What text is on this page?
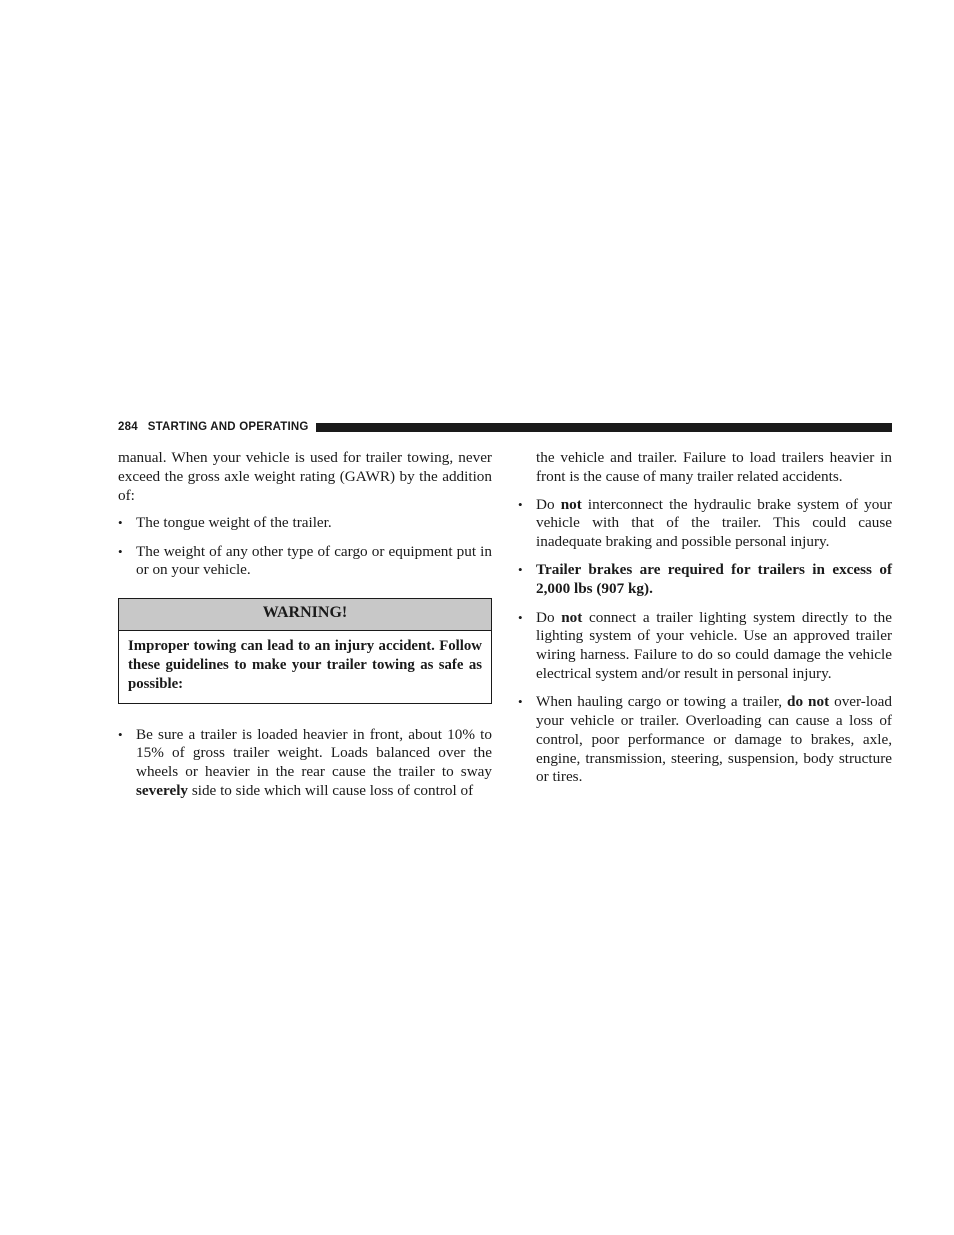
284 STARTING AND OPERATING

manual. When your vehicle is used for trailer towing, never exceed the gross axle weight rating (GAWR) by the addition of:

• The tongue weight of the trailer.
• The weight of any other type of cargo or equipment put in or on your vehicle.
WARNING!
Improper towing can lead to an injury accident. Follow these guidelines to make your trailer towing as safe as possible:
• Be sure a trailer is loaded heavier in front, about 10% to 15% of gross trailer weight. Loads balanced over the wheels or heavier in the rear cause the trailer to sway severely side to side which will cause loss of control of

the vehicle and trailer. Failure to load trailers heavier in front is the cause of many trailer related accidents.

• Do not interconnect the hydraulic brake system of your vehicle with that of the trailer. This could cause inadequate braking and possible personal injury.
• Trailer brakes are required for trailers in excess of 2,000 lbs (907 kg).
• Do not connect a trailer lighting system directly to the lighting system of your vehicle. Use an approved trailer wiring harness. Failure to do so could damage the vehicle electrical system and/or result in personal injury.
• When hauling cargo or towing a trailer, do not over-load your vehicle or trailer. Overloading can cause a loss of control, poor performance or damage to brakes, axle, engine, transmission, steering, suspension, body structure or tires.
